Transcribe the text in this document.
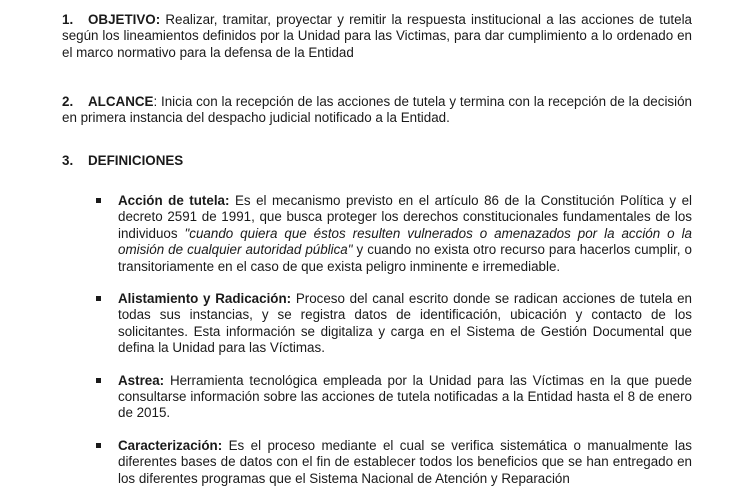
1. OBJETIVO: Realizar, tramitar, proyectar y remitir la respuesta institucional a las acciones de tutela según los lineamientos definidos por la Unidad para las Victimas, para dar cumplimiento a lo ordenado en el marco normativo para la defensa de la Entidad
2. ALCANCE: Inicia con la recepción de las acciones de tutela y termina con la recepción de la decisión en primera instancia del despacho judicial notificado a la Entidad.
3. DEFINICIONES
Acción de tutela: Es el mecanismo previsto en el artículo 86 de la Constitución Política y el decreto 2591 de 1991, que busca proteger los derechos constitucionales fundamentales de los individuos "cuando quiera que éstos resulten vulnerados o amenazados por la acción o la omisión de cualquier autoridad pública" y cuando no exista otro recurso para hacerlos cumplir, o transitoriamente en el caso de que exista peligro inminente e irremediable.
Alistamiento y Radicación: Proceso del canal escrito donde se radican acciones de tutela en todas sus instancias, y se registra datos de identificación, ubicación y contacto de los solicitantes. Esta información se digitaliza y carga en el Sistema de Gestión Documental que defina la Unidad para las Víctimas.
Astrea: Herramienta tecnológica empleada por la Unidad para las Víctimas en la que puede consultarse información sobre las acciones de tutela notificadas a la Entidad hasta el 8 de enero de 2015.
Caracterización: Es el proceso mediante el cual se verifica sistemática o manualmente las diferentes bases de datos con el fin de establecer todos los beneficios que se han entregado en los diferentes programas que el Sistema Nacional de Atención y Reparación
